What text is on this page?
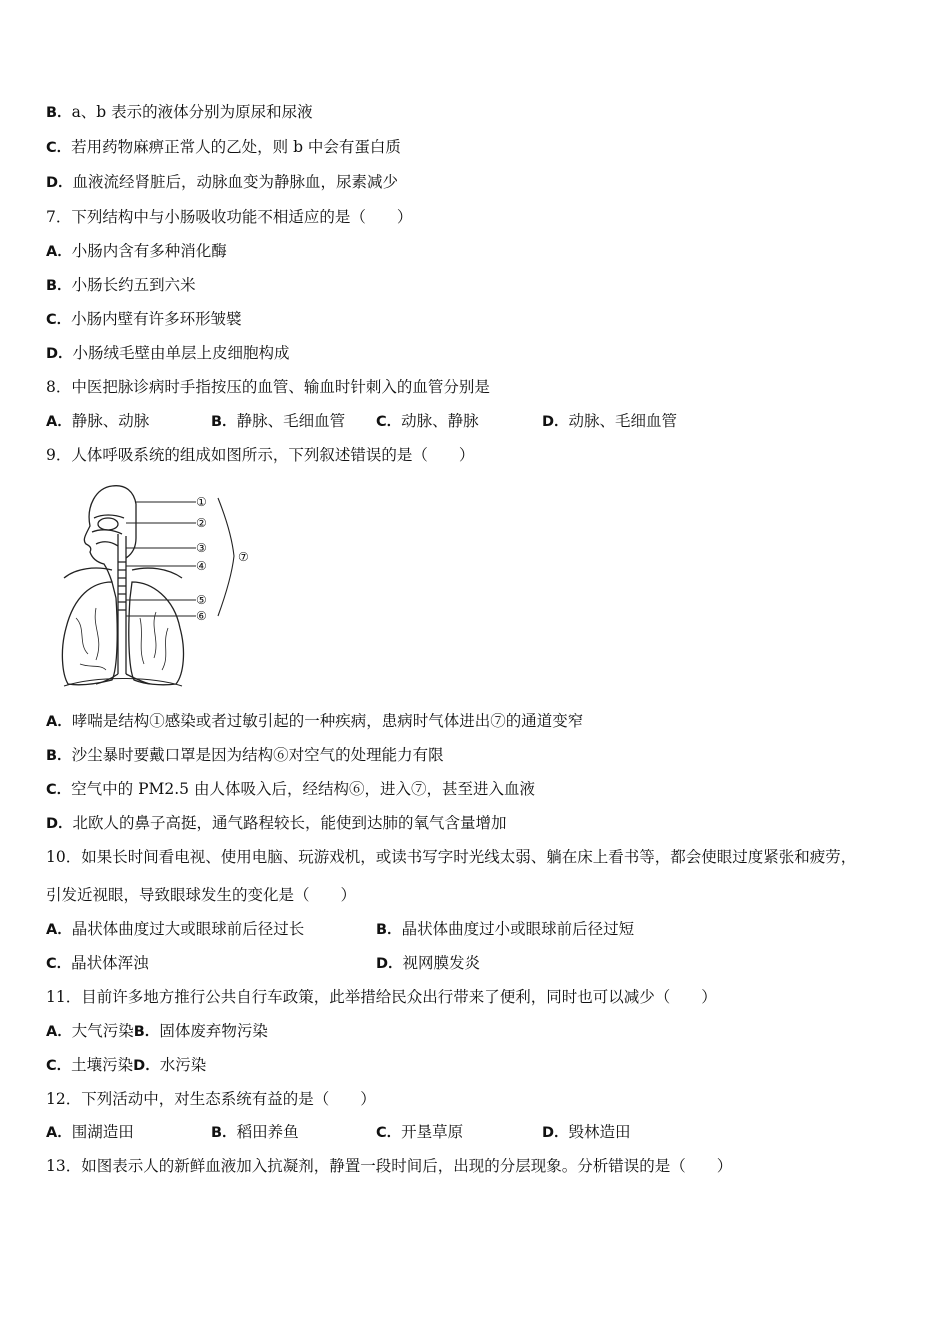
B．a、b 表示的液体分别为原尿和尿液
C．若用药物麻痹正常人的乙处，则 b 中会有蛋白质
D．血液流经肾脏后，动脉血变为静脉血，尿素减少
7．下列结构中与小肠吸收功能不相适应的是（　　）
A．小肠内含有多种消化酶
B．小肠长约五到六米
C．小肠内壁有许多环形皱襞
D．小肠绒毛壁由单层上皮细胞构成
8．中医把脉诊病时手指按压的血管、输血时针刺入的血管分别是
A．静脉、动脉	B．静脉、毛细血管 C．动脉、静脉	D．动脉、毛细血管
9．人体呼吸系统的组成如图所示，下列叙述错误的是（　　）
①
②
③
④
⑤
⑥
⑦
A．哮喘是结构①感染或者过敏引起的一种疾病，患病时气体进出⑦的通道变窄
B．沙尘暴时要戴口罩是因为结构⑥对空气的处理能力有限
C．空气中的 PM2.5 由人体吸入后，经结构⑥，进入⑦，甚至进入血液
D．北欧人的鼻子高挺，通气路程较长，能使到达肺的氧气含量增加
10．如果长时间看电视、使用电脑、玩游戏机，或读书写字时光线太弱、躺在床上看书等，都会使眼过度紧张和疲劳，
引发近视眼，导致眼球发生的变化是（　　）
A．晶状体曲度过大或眼球前后径过长	B．晶状体曲度过小或眼球前后径过短
C．晶状体浑浊	D．视网膜发炎
11．目前许多地方推行公共自行车政策，此举措给民众出行带来了便利，同时也可以减少（　　）
A．大气污染B．固体废弃物污染
C．土壤污染D．水污染
12．下列活动中，对生态系统有益的是（　　）
A．围湖造田	B．稻田养鱼	C．开垦草原	D．毁林造田
13．如图表示人的新鲜血液加入抗凝剂，静置一段时间后，出现的分层现象。分析错误的是（　　）
